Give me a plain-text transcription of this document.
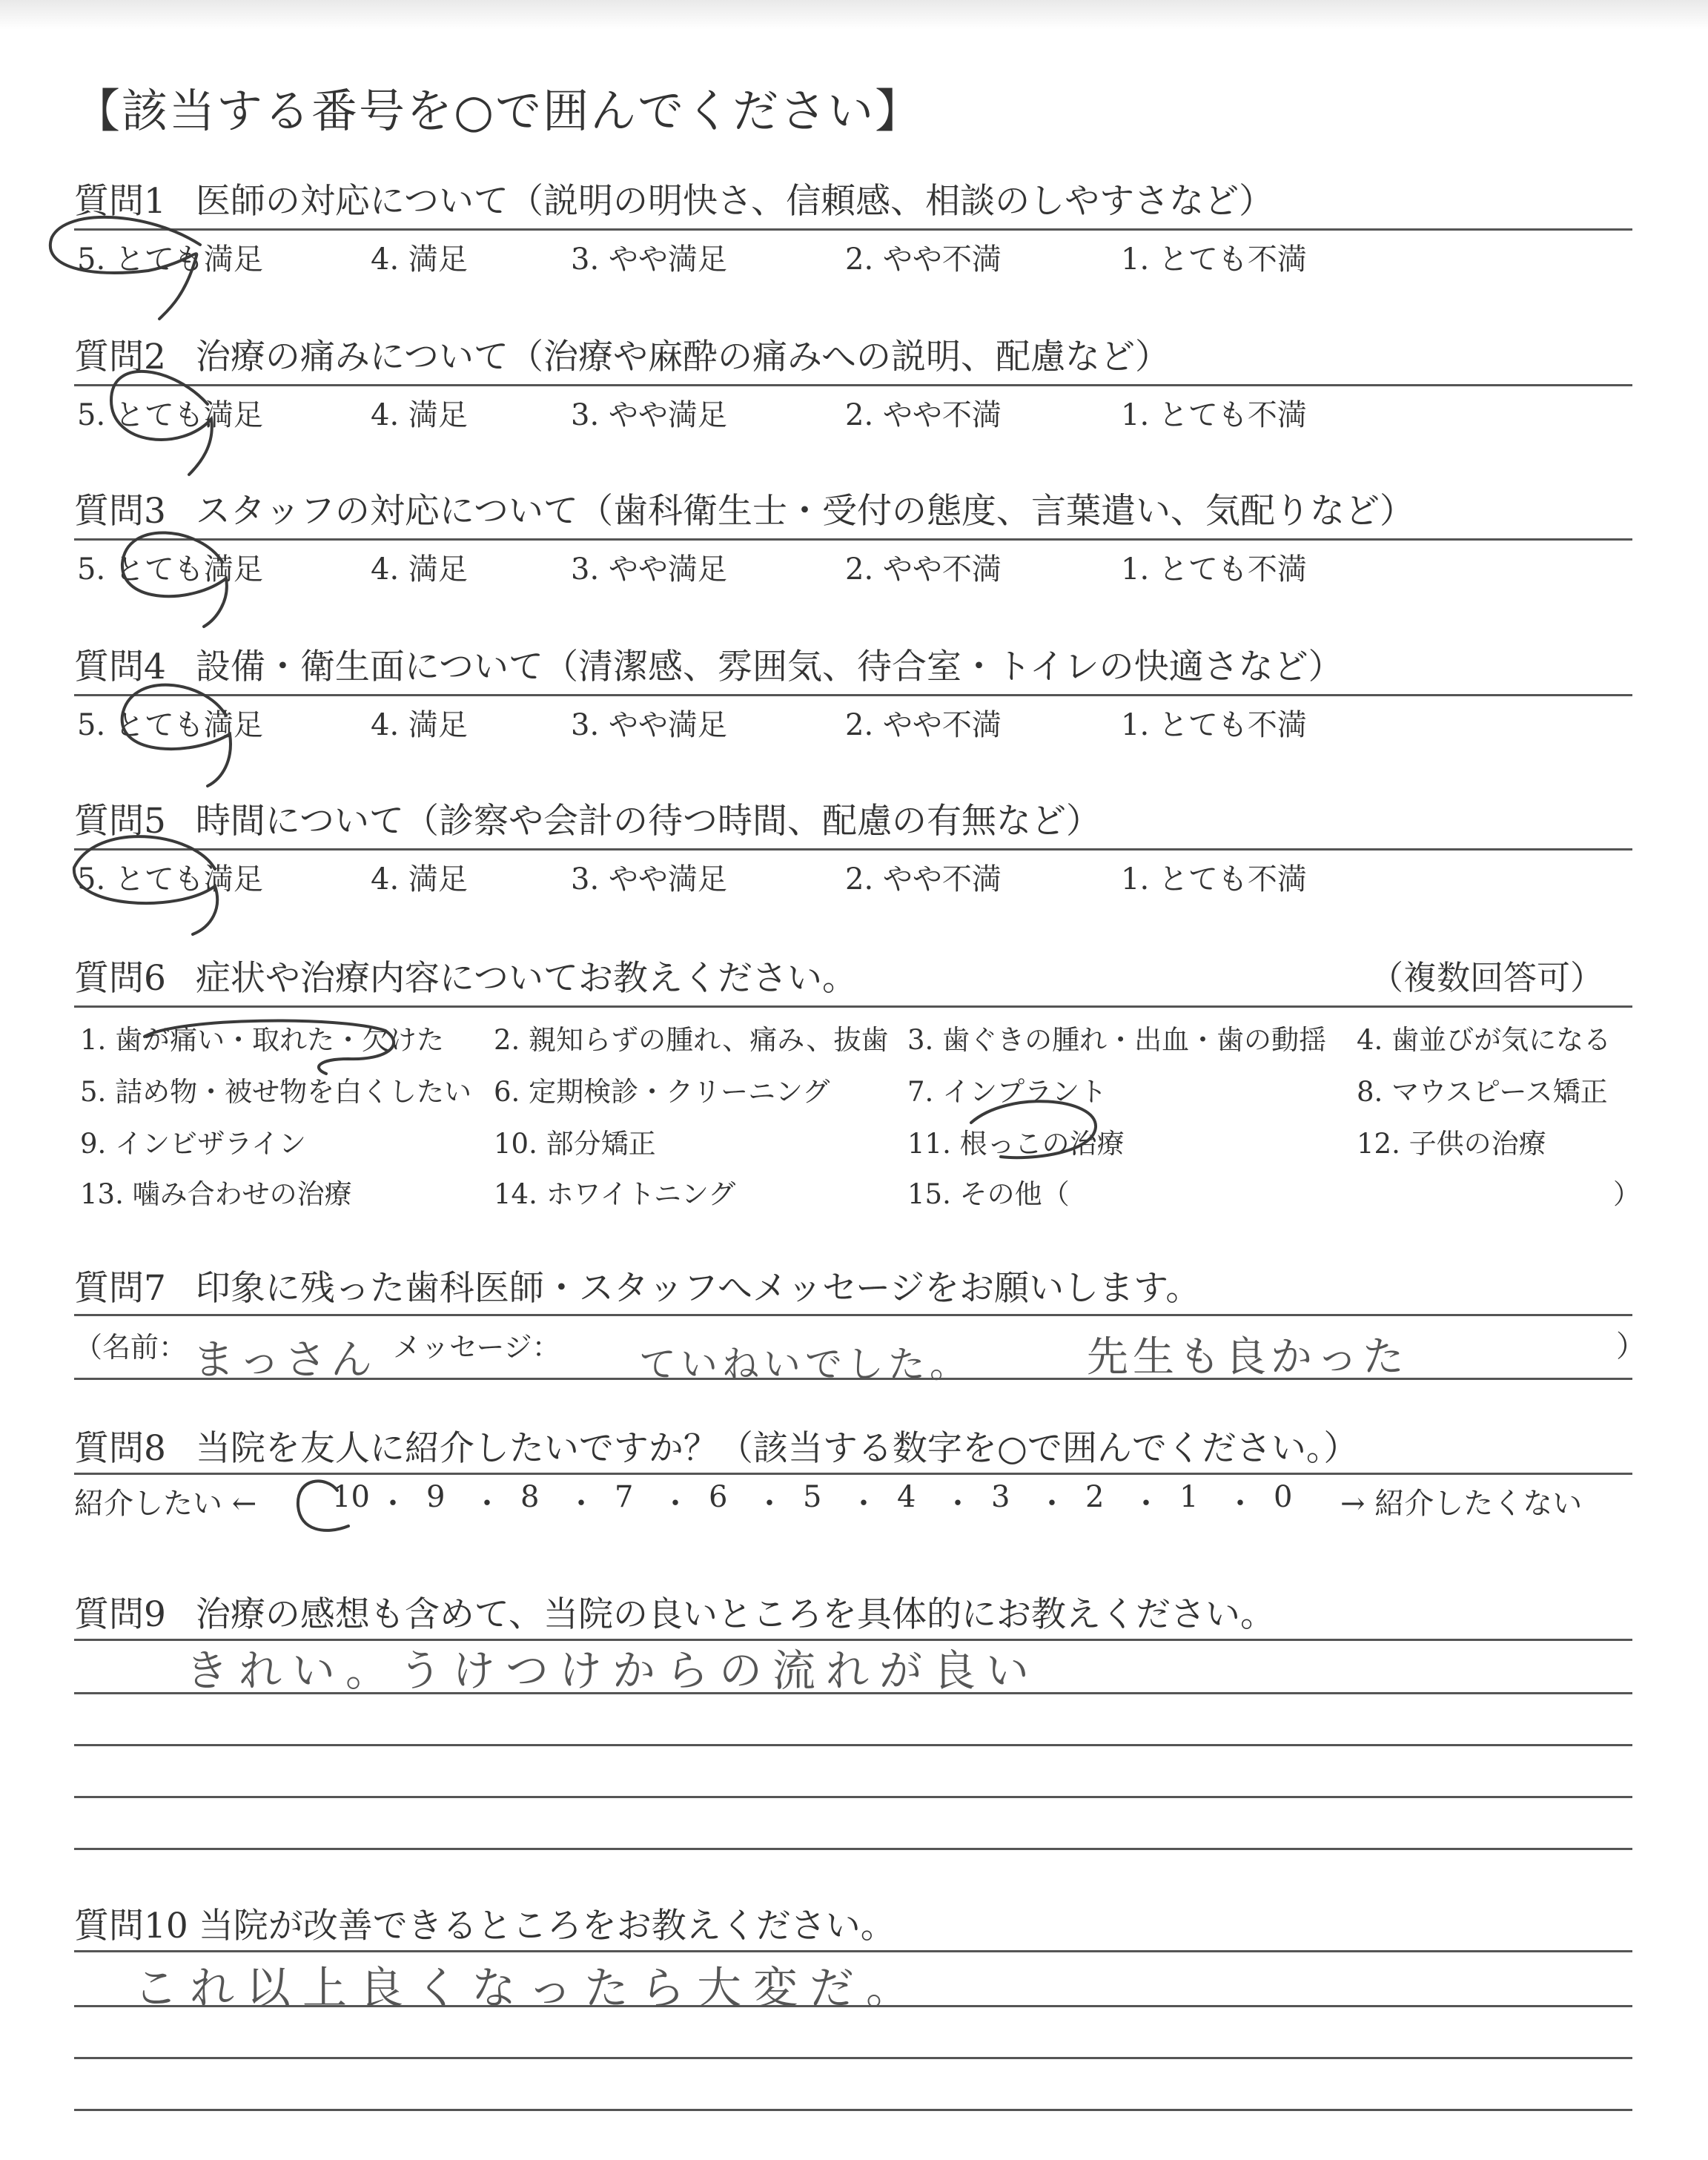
【該当する番号を○で囲んでください】
質問1 医師の対応について（説明の明快さ、信頼感、相談のしやすさなど）
5. とても満足	4. 満足	3. やや満足	2. やや不満	1. とても不満
質問2 治療の痛みについて（治療や麻酔の痛みへの説明、配慮など）
5. とても満足	4. 満足	3. やや満足	2. やや不満	1. とても不満
質問3 スタッフの対応について（歯科衛生士・受付の態度、言葉遣い、気配りなど）
5. とても満足	4. 満足	3. やや満足	2. やや不満	1. とても不満
質問4 設備・衛生面について（清潔感、雰囲気、待合室・トイレの快適さなど）
5. とても満足	4. 満足	3. やや満足	2. やや不満	1. とても不満
質問5 時間について（診察や会計の待つ時間、配慮の有無など）
5. とても満足	4. 満足	3. やや満足	2. やや不満	1. とても不満
質問6 症状や治療内容についてお教えください。	（複数回答可）
1. 歯が痛い・取れた・欠けた 2. 親知らずの腫れ、痛み、抜歯 3. 歯ぐきの腫れ・出血・歯の動揺 4. 歯並びが気になる
5. 詰め物・被せ物を白くしたい 6. 定期検診・クリーニング	7. インプラント	8. マウスピース矯正
9. インビザライン	10. 部分矯正	11. 根っこの治療	12. 子供の治療
13. 噛み合わせの治療	14. ホワイトニング	15. その他（	）
質問7 印象に残った歯科医師・スタッフへメッセージをお願いします。
（名前： まっさん メッセージ： ていねいでした。	先生も良かった	）
質問8 当院を友人に紹介したいですか？（該当する数字を○で囲んでください。）
紹介したい ←	10 ・ 9 ・ 8 ・ 7 ・ 6 ・ 5 ・ 4 ・ 3 ・ 2 ・ 1 ・ 0 → 紹介したくない
質問9 治療の感想も含めて、当院の良いところを具体的にお教えください。
きれい。うけつけからの流れが良い
質問10 当院が改善できるところをお教えください。
これ以上良くなったら大変だ。
